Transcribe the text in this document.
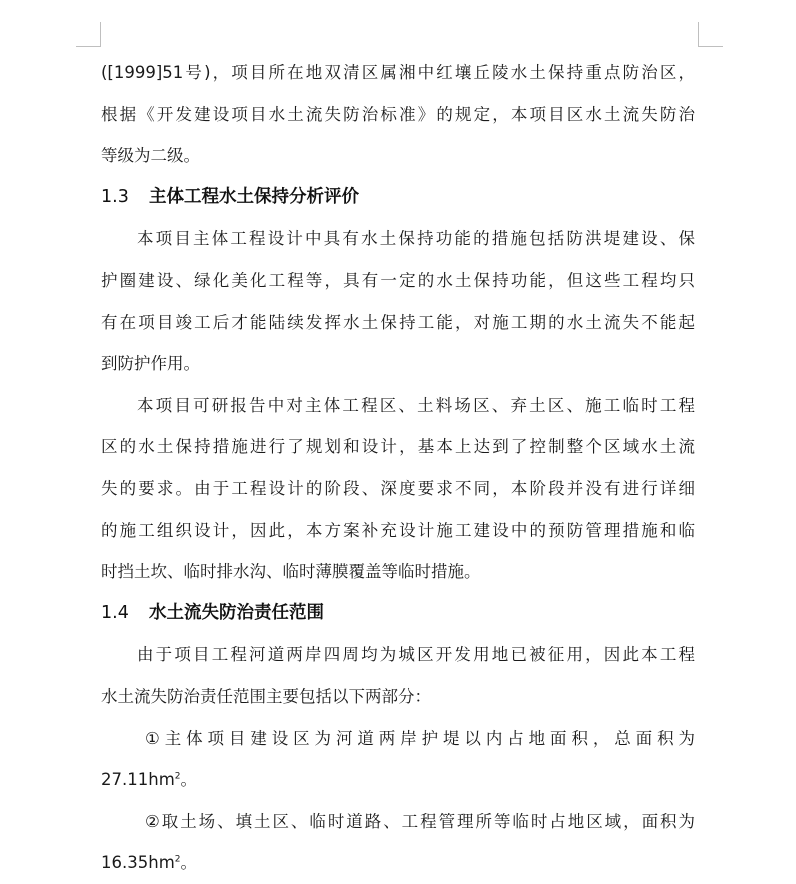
([1999]51号)，项目所在地双清区属湘中红壤丘陵水土保持重点防治区，
根据《开发建设项目水土流失防治标准》的规定，本项目区水土流失防治
等级为二级。
1.3 主体工程水土保持分析评价
本项目主体工程设计中具有水土保持功能的措施包括防洪堤建设、保
护圈建设、绿化美化工程等，具有一定的水土保持功能，但这些工程均只
有在项目竣工后才能陆续发挥水土保持工能，对施工期的水土流失不能起
到防护作用。
本项目可研报告中对主体工程区、土料场区、弃土区、施工临时工程
区的水土保持措施进行了规划和设计，基本上达到了控制整个区域水土流
失的要求。由于工程设计的阶段、深度要求不同，本阶段并没有进行详细
的施工组织设计，因此，本方案补充设计施工建设中的预防管理措施和临
时挡土坎、临时排水沟、临时薄膜覆盖等临时措施。
1.4 水土流失防治责任范围
由于项目工程河道两岸四周均为城区开发用地已被征用，因此本工程
水土流失防治责任范围主要包括以下两部分：
①主体项目建设区为河道两岸护堤以内占地面积，总面积为
$27.11hm^2$。
②取土场、填土区、临时道路、工程管理所等临时占地区域，面积为
$16.35hm^2$。
